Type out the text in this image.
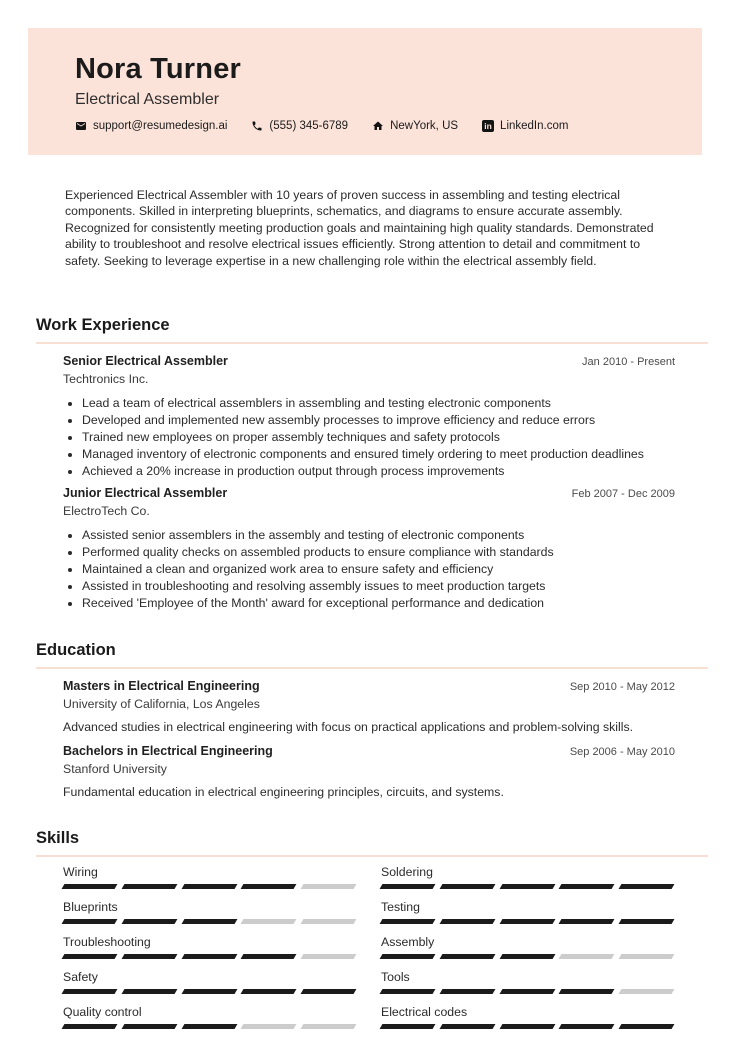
Nora Turner
Electrical Assembler
support@resumedesign.ai	(555) 345-6789	NewYork, US	in LinkedIn.com

Experienced Electrical Assembler with 10 years of proven success in assembling and testing electrical components. Skilled in interpreting blueprints, schematics, and diagrams to ensure accurate assembly. Recognized for consistently meeting production goals and maintaining high quality standards. Demonstrated ability to troubleshoot and resolve electrical issues efficiently. Strong attention to detail and commitment to safety. Seeking to leverage expertise in a new challenging role within the electrical assembly field.

Work Experience
Senior Electrical Assembler	Jan 2010 - Present
Techtronics Inc.
• Lead a team of electrical assemblers in assembling and testing electronic components
• Developed and implemented new assembly processes to improve efficiency and reduce errors
• Trained new employees on proper assembly techniques and safety protocols
• Managed inventory of electronic components and ensured timely ordering to meet production deadlines
• Achieved a 20% increase in production output through process improvements
Junior Electrical Assembler	Feb 2007 - Dec 2009
ElectroTech Co.
• Assisted senior assemblers in the assembly and testing of electronic components
• Performed quality checks on assembled products to ensure compliance with standards
• Maintained a clean and organized work area to ensure safety and efficiency
• Assisted in troubleshooting and resolving assembly issues to meet production targets
• Received 'Employee of the Month' award for exceptional performance and dedication
Education
Masters in Electrical Engineering	Sep 2010 - May 2012
University of California, Los Angeles
Advanced studies in electrical engineering with focus on practical applications and problem-solving skills.
Bachelors in Electrical Engineering	Sep 2006 - May 2010
Stanford University
Fundamental education in electrical engineering principles, circuits, and systems.
Skills
Wiring	Soldering
Blueprints	Testing
Troubleshooting	Assembly
Safety	Tools
Quality control	Electrical codes
